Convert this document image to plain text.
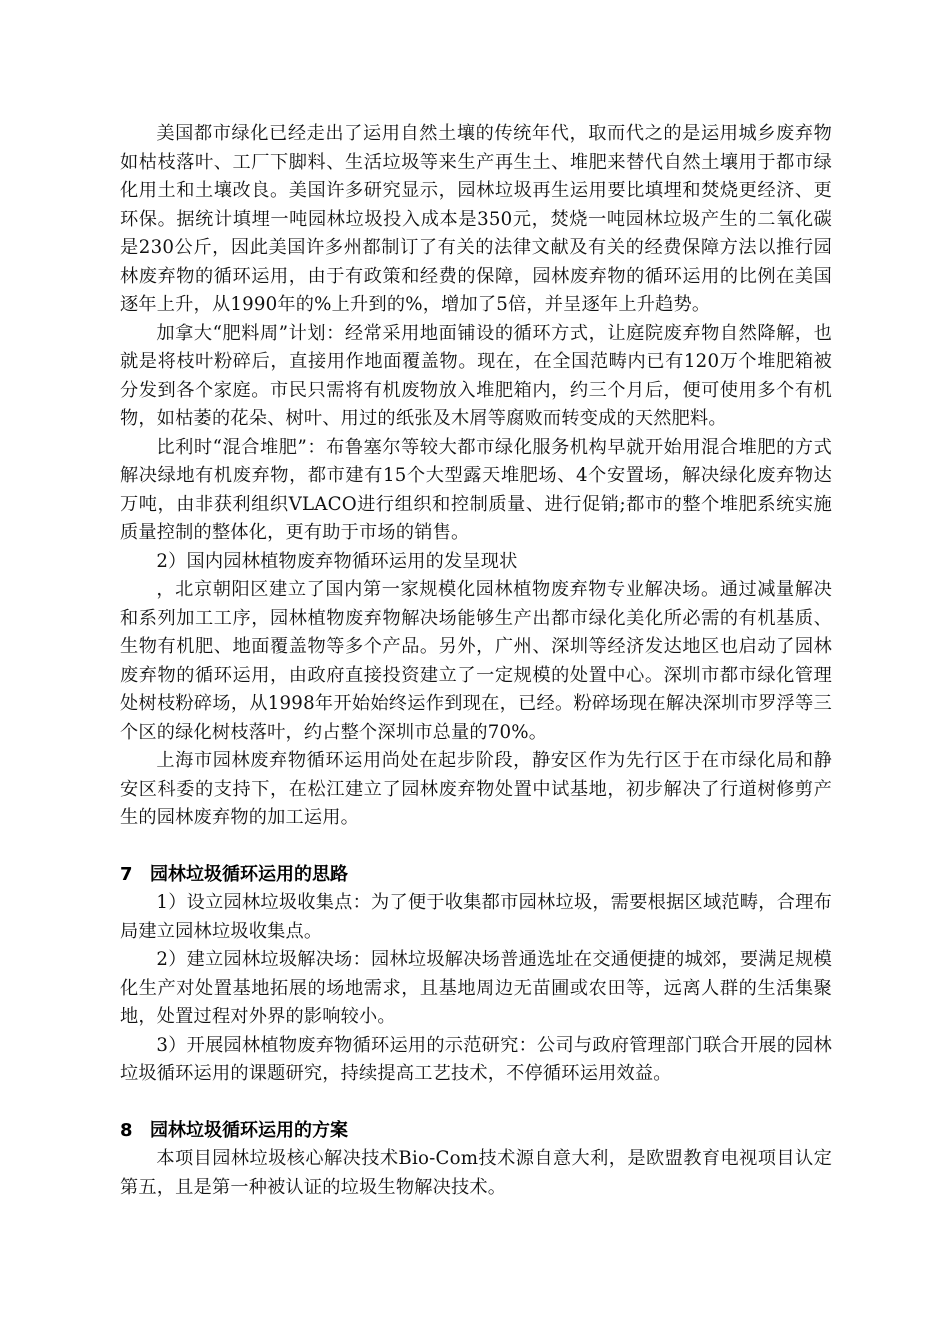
美国都市绿化已经走出了运用自然土壤的传统年代，取而代之的是运用城乡废弃物如枯枝落叶、工厂下脚料、生活垃圾等来生产再生土、堆肥来替代自然土壤用于都市绿化用土和土壤改良。美国许多研究显示，园林垃圾再生运用要比填埋和焚烧更经济、更环保。据统计填埋一吨园林垃圾投入成本是350元，焚烧一吨园林垃圾产生的二氧化碳是230公斤，因此美国许多州都制订了有关的法律文献及有关的经费保障方法以推行园林废弃物的循环运用，由于有政策和经费的保障，园林废弃物的循环运用的比例在美国逐年上升，从1990年的%上升到的%，增加了5倍，并呈逐年上升趋势。

加拿大“肥料周”计划：经常采用地面铺设的循环方式，让庭院废弃物自然降解，也就是将枝叶粉碎后，直接用作地面覆盖物。现在，在全国范畴内已有120万个堆肥箱被分发到各个家庭。市民只需将有机废物放入堆肥箱内，约三个月后，便可使用多个有机物，如枯萎的花朵、树叶、用过的纸张及木屑等腐败而转变成的天然肥料。

比利时“混合堆肥”：布鲁塞尔等较大都市绿化服务机构早就开始用混合堆肥的方式解决绿地有机废弃物，都市建有15个大型露天堆肥场、4个安置场，解决绿化废弃物达万吨，由非获利组织VLACO进行组织和控制质量、进行促销;都市的整个堆肥系统实施质量控制的整体化，更有助于市场的销售。

2）国内园林植物废弃物循环运用的发呈现状

，北京朝阳区建立了国内第一家规模化园林植物废弃物专业解决场。通过减量解决和系列加工工序，园林植物废弃物解决场能够生产出都市绿化美化所必需的有机基质、生物有机肥、地面覆盖物等多个产品。另外，广州、深圳等经济发达地区也启动了园林废弃物的循环运用，由政府直接投资建立了一定规模的处置中心。深圳市都市绿化管理处树枝粉碎场，从1998年开始始终运作到现在，已经。粉碎场现在解决深圳市罗浮等三个区的绿化树枝落叶，约占整个深圳市总量的70%。

上海市园林废弃物循环运用尚处在起步阶段，静安区作为先行区于在市绿化局和静安区科委的支持下，在松江建立了园林废弃物处置中试基地，初步解决了行道树修剪产生的园林废弃物的加工运用。

7 园林垃圾循环运用的思路

1）设立园林垃圾收集点：为了便于收集都市园林垃圾，需要根据区域范畴，合理布局建立园林垃圾收集点。

2）建立园林垃圾解决场：园林垃圾解决场普通选址在交通便捷的城郊，要满足规模化生产对处置基地拓展的场地需求，且基地周边无苗圃或农田等，远离人群的生活集聚地，处置过程对外界的影响较小。

3）开展园林植物废弃物循环运用的示范研究：公司与政府管理部门联合开展的园林垃圾循环运用的课题研究，持续提高工艺技术，不停循环运用效益。

8 园林垃圾循环运用的方案

本项目园林垃圾核心解决技术Bio-Com技术源自意大利，是欧盟教育电视项目认定第五，且是第一种被认证的垃圾生物解决技术。
